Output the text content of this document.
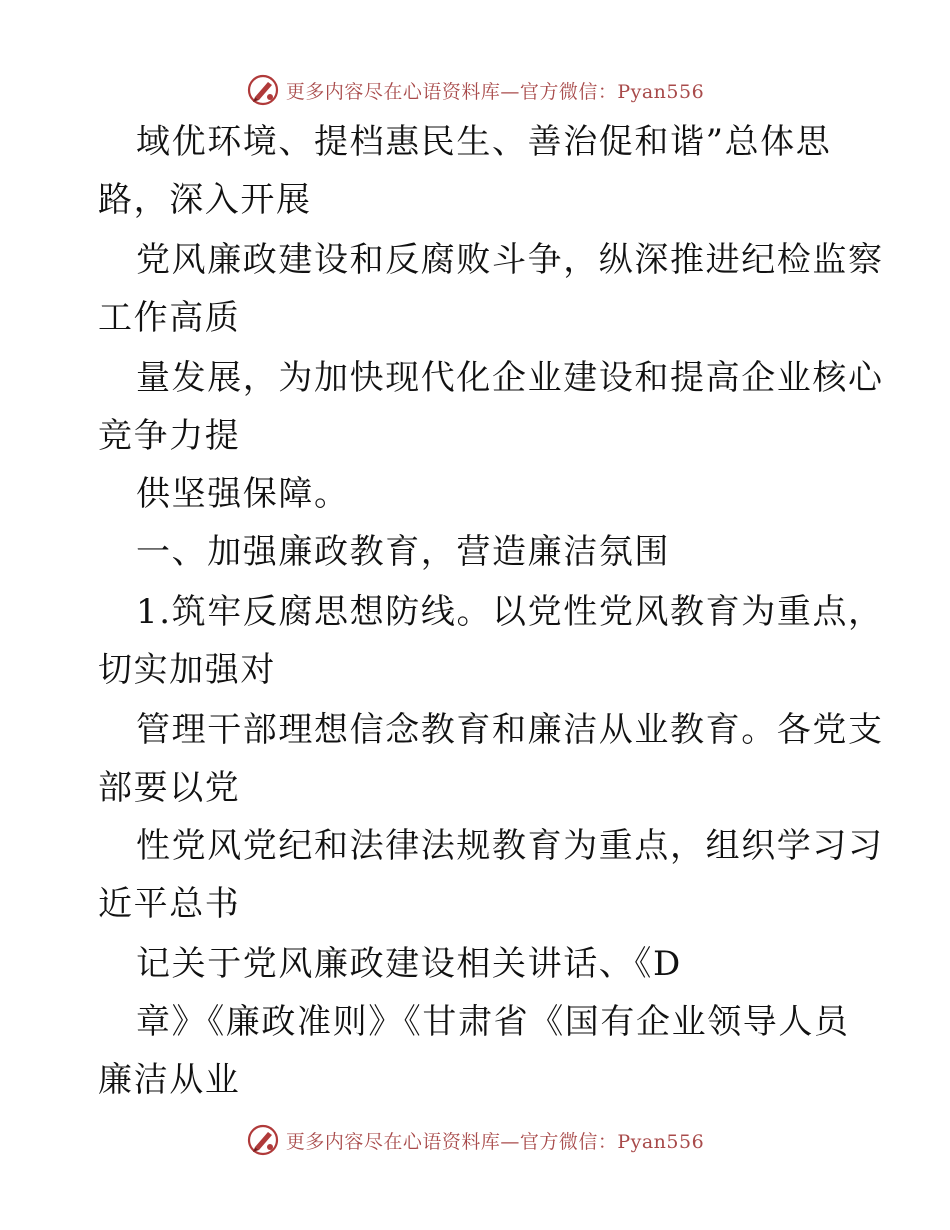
更多内容尽在心语资料库—官方微信：Pyan556
域优环境、提档惠民生、善治促和谐”总体思
路，深入开展
党风廉政建设和反腐败斗争，纵深推进纪检监察
工作高质
量发展，为加快现代化企业建设和提高企业核心
竞争力提
供坚强保障。
一、加强廉政教育，营造廉洁氛围
1.筑牢反腐思想防线。以党性党风教育为重点，
切实加强对
管理干部理想信念教育和廉洁从业教育。各党支
部要以党
性党风党纪和法律法规教育为重点，组织学习习
近平总书
记关于党风廉政建设相关讲话、《D
章》《廉政准则》《甘肃省《国有企业领导人员
廉洁从业
更多内容尽在心语资料库—官方微信：Pyan556
